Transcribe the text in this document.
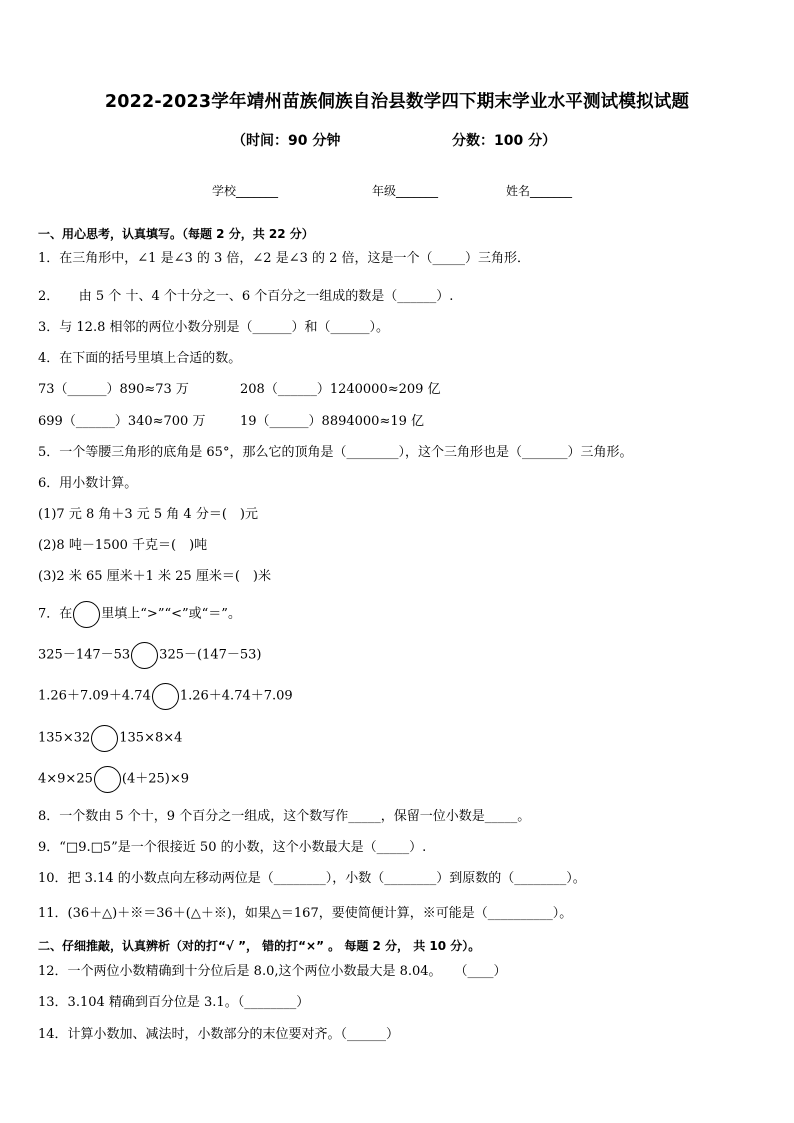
2022-2023学年靖州苗族侗族自治县数学四下期末学业水平测试模拟试题
（时间：90 分钟	分数：100 分）
学校_______	年级_______	姓名_______
一、用心思考，认真填写。（每题 2 分，共 22 分）
1．在三角形中，∠1 是∠3 的 3 倍，∠2 是∠3 的 2 倍，这是一个（_____）三角形．
2．　　由 5 个 十、4 个十分之一、6 个百分之一组成的数是（______）.
3．与 12.8 相邻的两位小数分别是（______）和（______）。
4．在下面的括号里填上合适的数。
73（______）890≈73 万	208（______）1240000≈209 亿
699（______）340≈700 万	19（______）8894000≈19 亿
5．一个等腰三角形的底角是 65°，那么它的顶角是（________），这个三角形也是（_______）三角形。
6．用小数计算。
(1)7 元 8 角＋3 元 5 角 4 分＝(　)元
(2)8 吨－1500 千克＝(　)吨
(3)2 米 65 厘米＋1 米 25 厘米＝(　)米
7．在 里填上“>”“<”或“＝”。
325－147－53 325－(147－53)
1.26＋7.09＋4.74 1.26＋4.74＋7.09
135×32 135×8×4
4×9×25 (4＋25)×9
8．一个数由 5 个十，9 个百分之一组成，这个数写作_____，保留一位小数是_____。
9．“□9.□5”是一个很接近 50 的小数，这个小数最大是（_____）.
10．把 3.14 的小数点向左移动两位是（________），小数（________）到原数的（________）。
11．(36＋△)＋※＝36＋(△＋※)，如果△＝167，要使简便计算，※可能是（__________）。
二、仔细推敲，认真辨析（对的打“√ ”， 错的打“×” 。 每题 2 分， 共 10 分）。
12．一个两位小数精确到十分位后是 8.0,这个两位小数最大是 8.04。　　（____）
13．3.104 精确到百分位是 3.1。（________）
14．计算小数加、减法时，小数部分的末位要对齐。（______）
